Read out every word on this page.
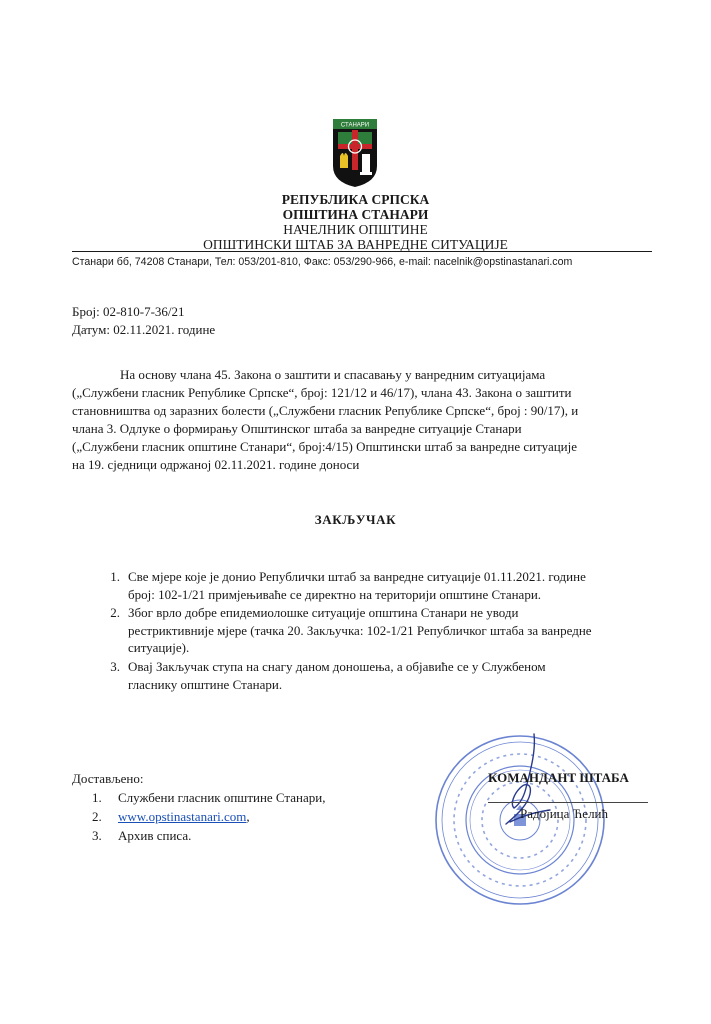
СТАНАРИ
РЕПУБЛИКА СРПСКА
ОПШТИНА СТАНАРИ
НАЧЕЛНИК ОПШТИНЕ
ОПШТИНСКИ ШТАБ ЗА ВАНРЕДНЕ СИТУАЦИЈЕ
Станари бб, 74208 Станари, Тел: 053/201-810, Факс: 053/290-966, e-mail: nacelnik@opstinastanari.com
Број: 02-810-7-36/21
Датум: 02.11.2021. године
На основу члана 45. Закона о заштити и спасавању у ванредним ситуацијама
(„Службени гласник Републике Српске“, број: 121/12 и 46/17), члана 43. Закона о заштити
становништва од заразних болести („Службени гласник Републике Српске“, број : 90/17), и
члана 3. Одлуке о формирању Општинског штаба за ванредне ситуације Станари
(„Службени гласник општине Станари“, број:4/15) Општински штаб за ванредне ситуације
на 19. сједници одржаној 02.11.2021. године доноси
ЗАКЉУЧАК
1. Све мјере које је донио Републички штаб за ванредне ситуације 01.11.2021. године
број: 102-1/21 примјењиваће се директно на територији општине Станари.
2. Због врло добре епидемиолошке ситуације општина Станари не уводи
рестриктивније мјере (тачка 20. Закључка: 102-1/21 Републичког штаба за ванредне
ситуације).
3. Овај Закључак ступа на снагу даном доношења, а објавиће се у Службеном
гласнику општине Станари.
Достављено:
1. Службени гласник општине Станари,
2. www.opstinastanari.com,
3. Архив списа.
КОМАНДАНТ ШТАБА
Радојица Ћелић
